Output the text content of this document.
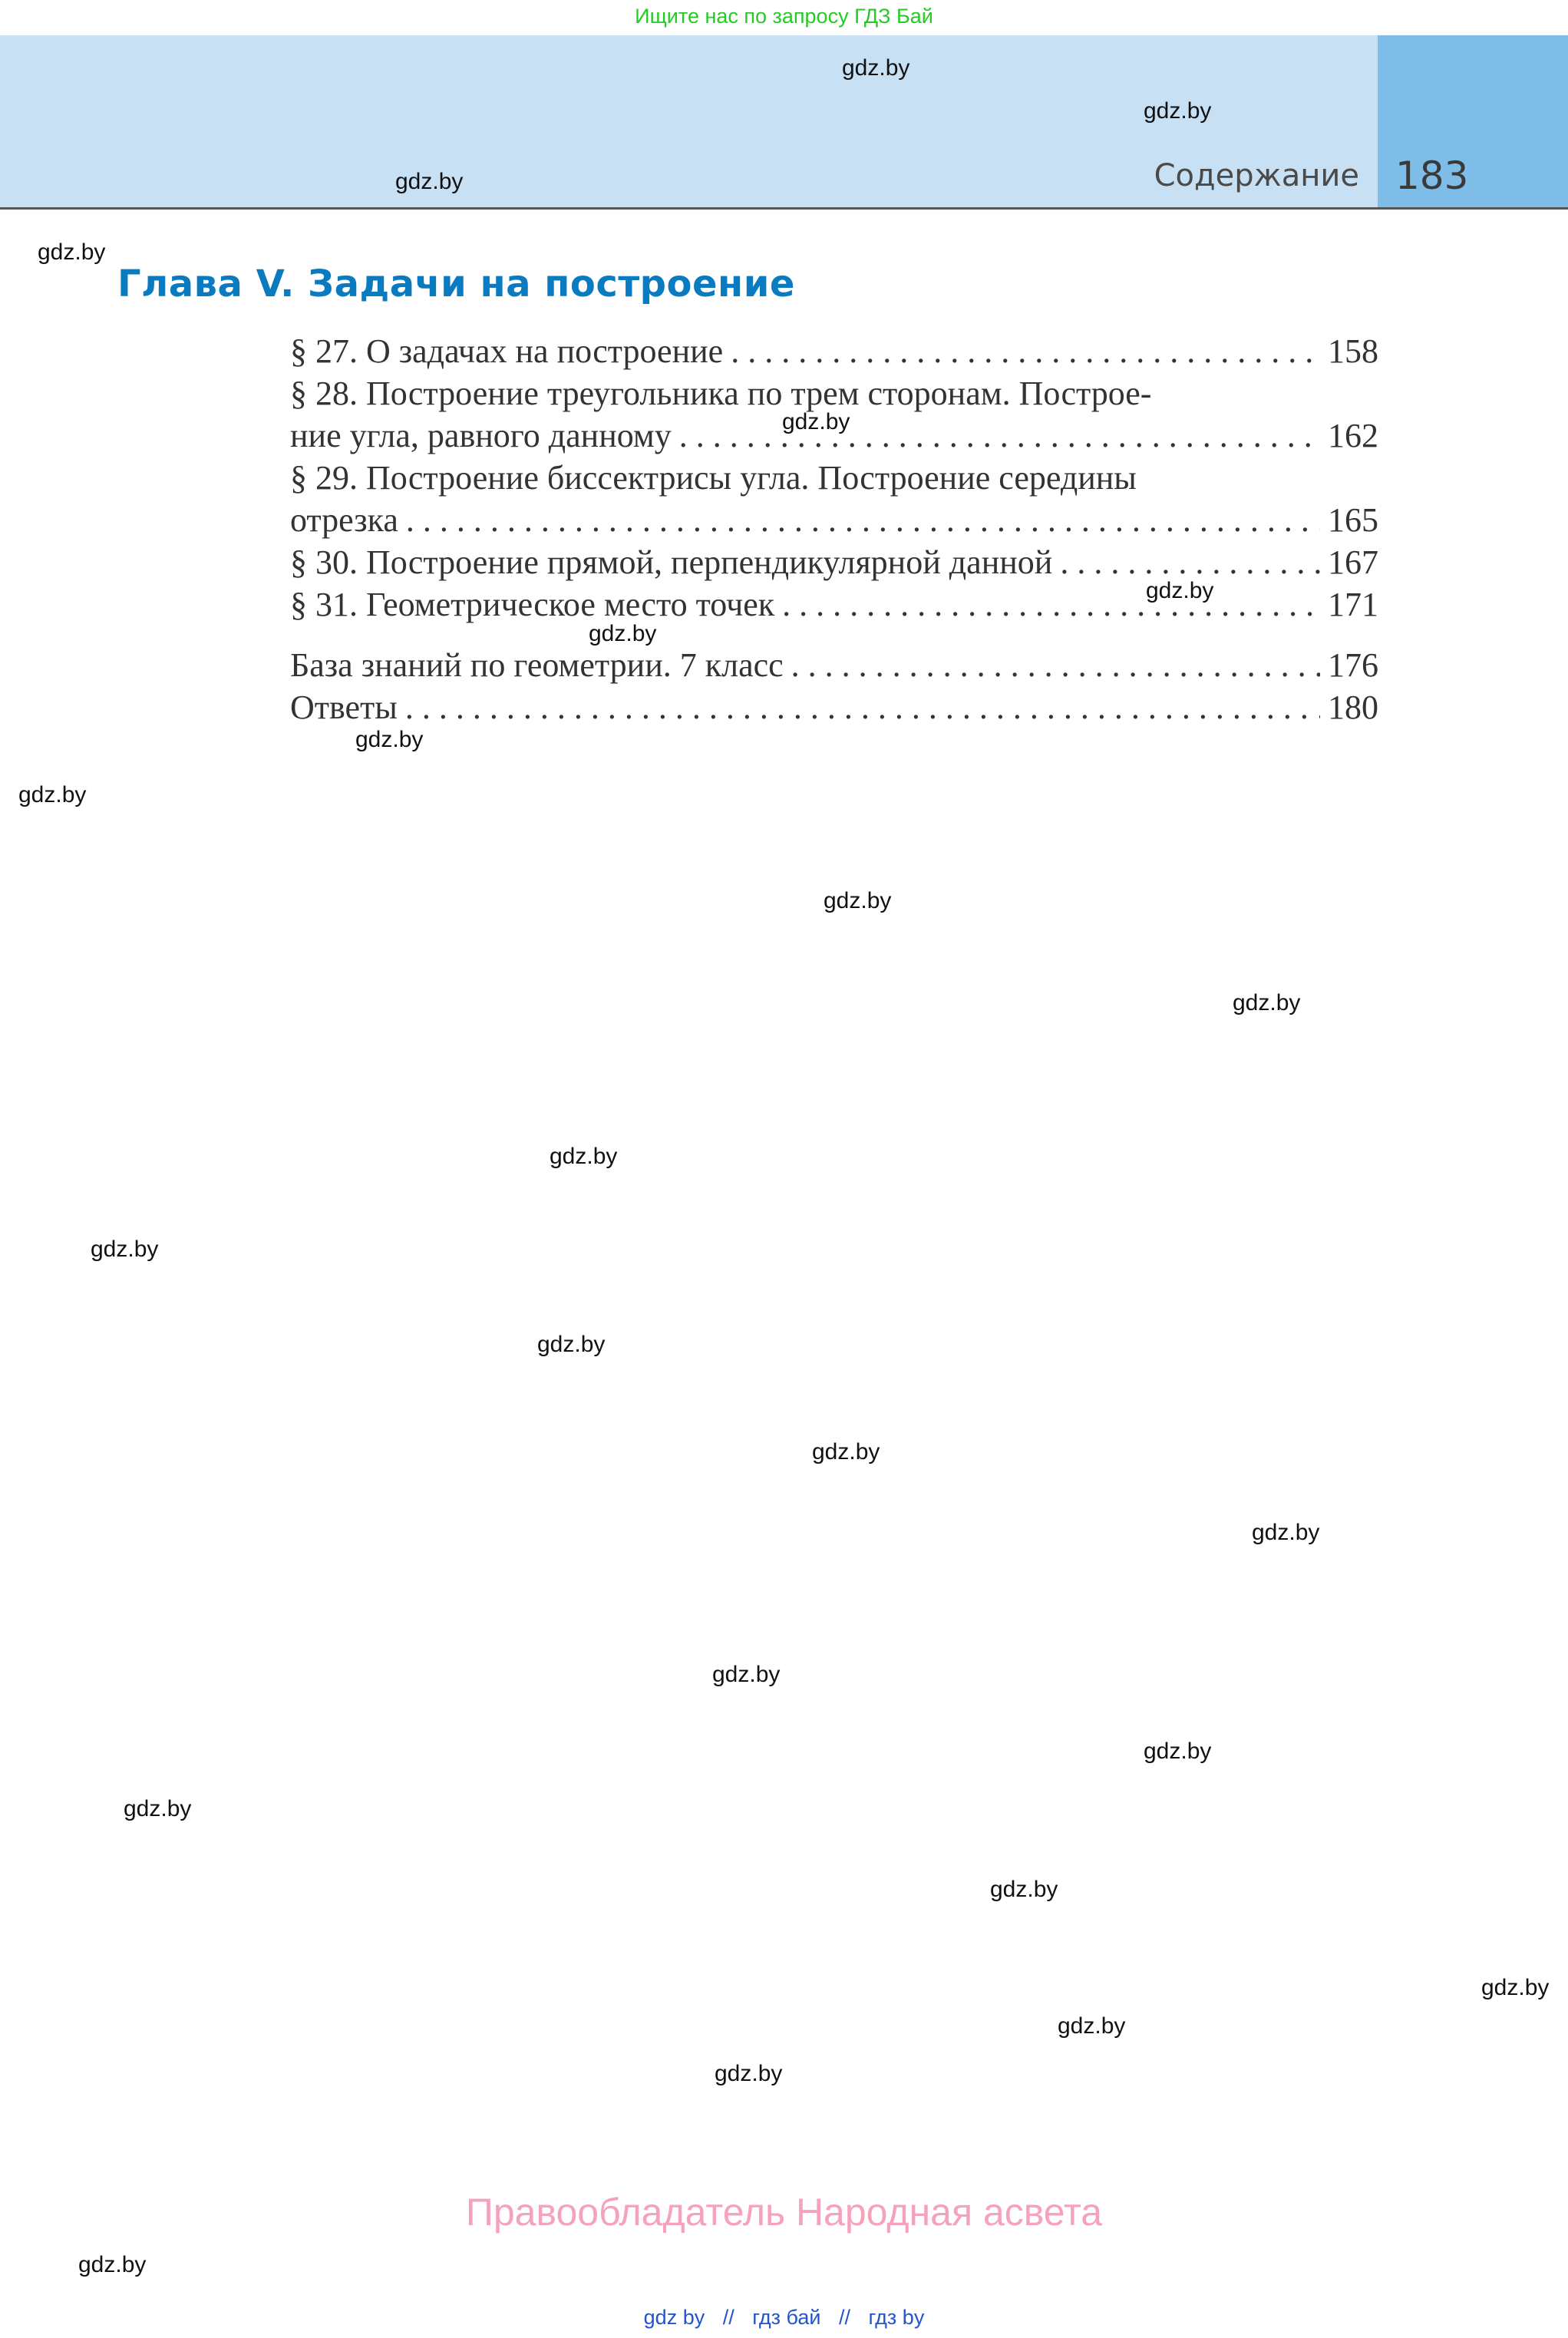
Ищите нас по запросу ГДЗ Бай
Содержание 183
Глава V. Задачи на построение
§ 27. О задачах на построение . . .	158
§ 28. Построение треугольника по трем сторонам. Построе-
ние угла, равного данному . . .	162
§ 29. Построение биссектрисы угла. Построение середины
отрезка . . .	165
§ 30. Построение прямой, перпендикулярной данной . . .	167
§ 31. Геометрическое место точек . . .	171
База знаний по геометрии. 7 класс . . .	176
Ответы . . .	180
gdz.by
gdz.by
gdz.by
gdz.by
gdz.by
gdz.by
gdz.by
gdz.by
gdz.by
gdz.by
gdz.by
gdz.by
gdz.by
gdz.by
gdz.by
gdz.by
gdz.by
gdz.by
gdz.by
gdz.by
gdz.by
gdz.by
gdz.by
gdz.by
Правообладатель Народная асвета
gdz by // гдз бай // гдз by
